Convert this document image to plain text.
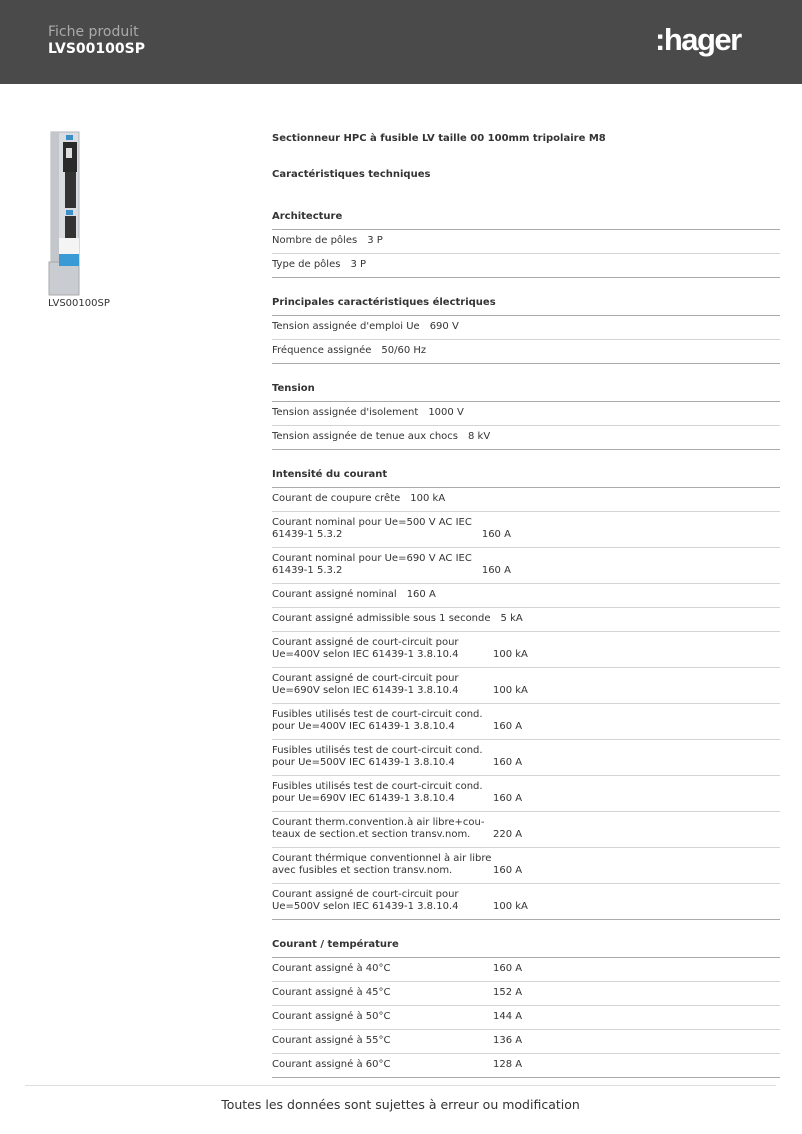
Fiche produit
LVS00100SP	:hager
LVS00100SP
Sectionneur HPC à fusible LV taille 00 100mm tripolaire M8
Caractéristiques techniques
Architecture
Nombre de pôles 3 P
Type de pôles 3 P
Principales caractéristiques électriques
Tension assignée d'emploi Ue 690 V
Fréquence assignée 50/60 Hz
Tension
Tension assignée d'isolement 1000 V
Tension assignée de tenue aux chocs 8 kV
Intensité du courant
Courant de coupure crête 100 kA
Courant nominal pour Ue=500 V AC IEC
61439-1 5.3.2	160 A
Courant nominal pour Ue=690 V AC IEC
61439-1 5.3.2	160 A
Courant assigné nominal 160 A
Courant assigné admissible sous 1 seconde 5 kA
Courant assigné de court-circuit pour
Ue=400V selon IEC 61439-1 3.8.10.4	100 kA
Courant assigné de court-circuit pour
Ue=690V selon IEC 61439-1 3.8.10.4	100 kA
Fusibles utilisés test de court-circuit cond.
pour Ue=400V IEC 61439-1 3.8.10.4	160 A
Fusibles utilisés test de court-circuit cond.
pour Ue=500V IEC 61439-1 3.8.10.4	160 A
Fusibles utilisés test de court-circuit cond.
pour Ue=690V IEC 61439-1 3.8.10.4	160 A
Courant therm.convention.à air libre+cou-
teaux de section.et section transv.nom.	220 A
Courant thérmique conventionnel à air libre
avec fusibles et section transv.nom.	160 A
Courant assigné de court-circuit pour
Ue=500V selon IEC 61439-1 3.8.10.4	100 kA
Courant / température
Courant assigné à 40°C	160 A
Courant assigné à 45°C	152 A
Courant assigné à 50°C	144 A
Courant assigné à 55°C	136 A
Courant assigné à 60°C	128 A
Toutes les données sont sujettes à erreur ou modification
